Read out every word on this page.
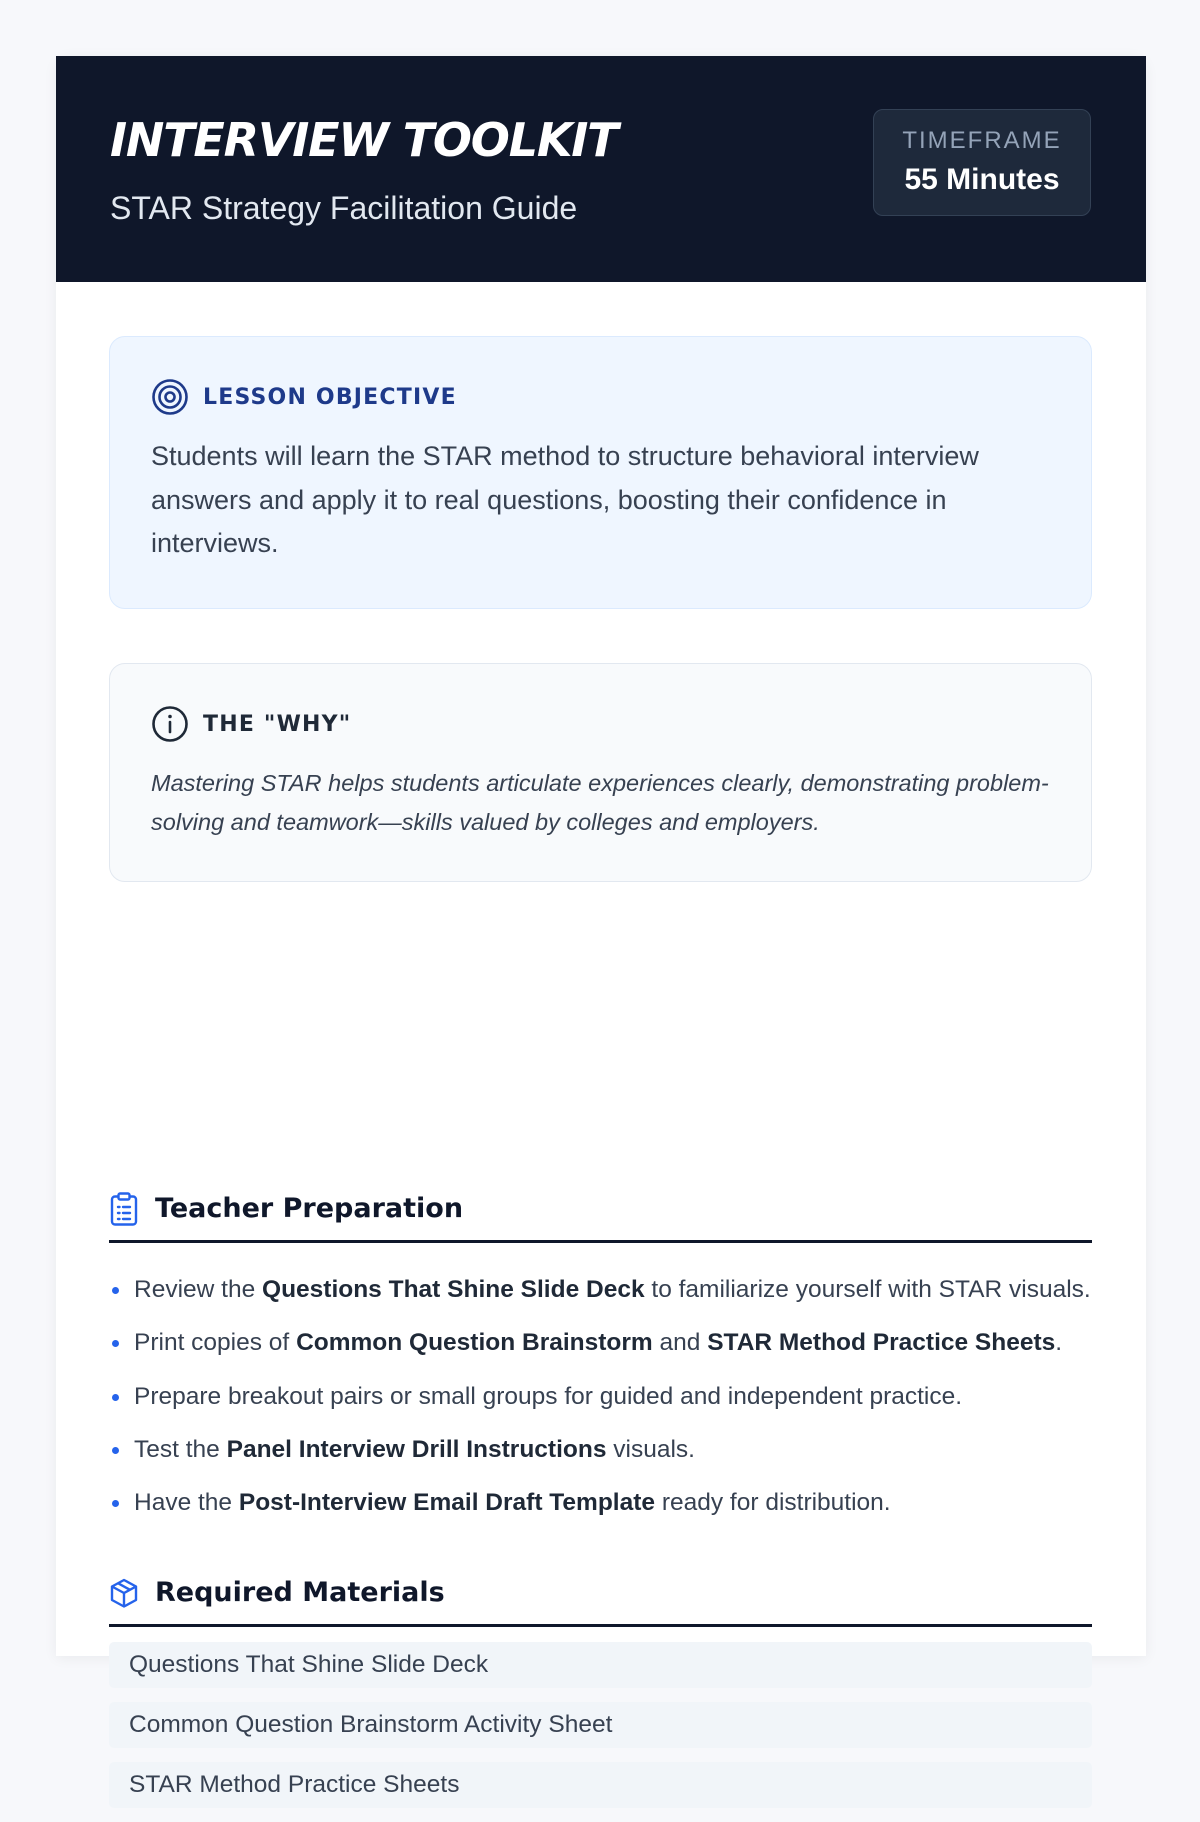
INTERVIEW TOOLKIT
STAR Strategy Facilitation Guide
TIMEFRAME
55 Minutes
LESSON OBJECTIVE
Students will learn the STAR method to structure behavioral interview answers and apply it to real questions, boosting their confidence in interviews.
THE "WHY"
Mastering STAR helps students articulate experiences clearly, demonstrating problem-solving and teamwork—skills valued by colleges and employers.
Teacher Preparation
Review the Questions That Shine Slide Deck to familiarize yourself with STAR visuals.
Print copies of Common Question Brainstorm and STAR Method Practice Sheets.
Prepare breakout pairs or small groups for guided and independent practice.
Test the Panel Interview Drill Instructions visuals.
Have the Post-Interview Email Draft Template ready for distribution.
Required Materials
Questions That Shine Slide Deck
Common Question Brainstorm Activity Sheet
STAR Method Practice Sheets
